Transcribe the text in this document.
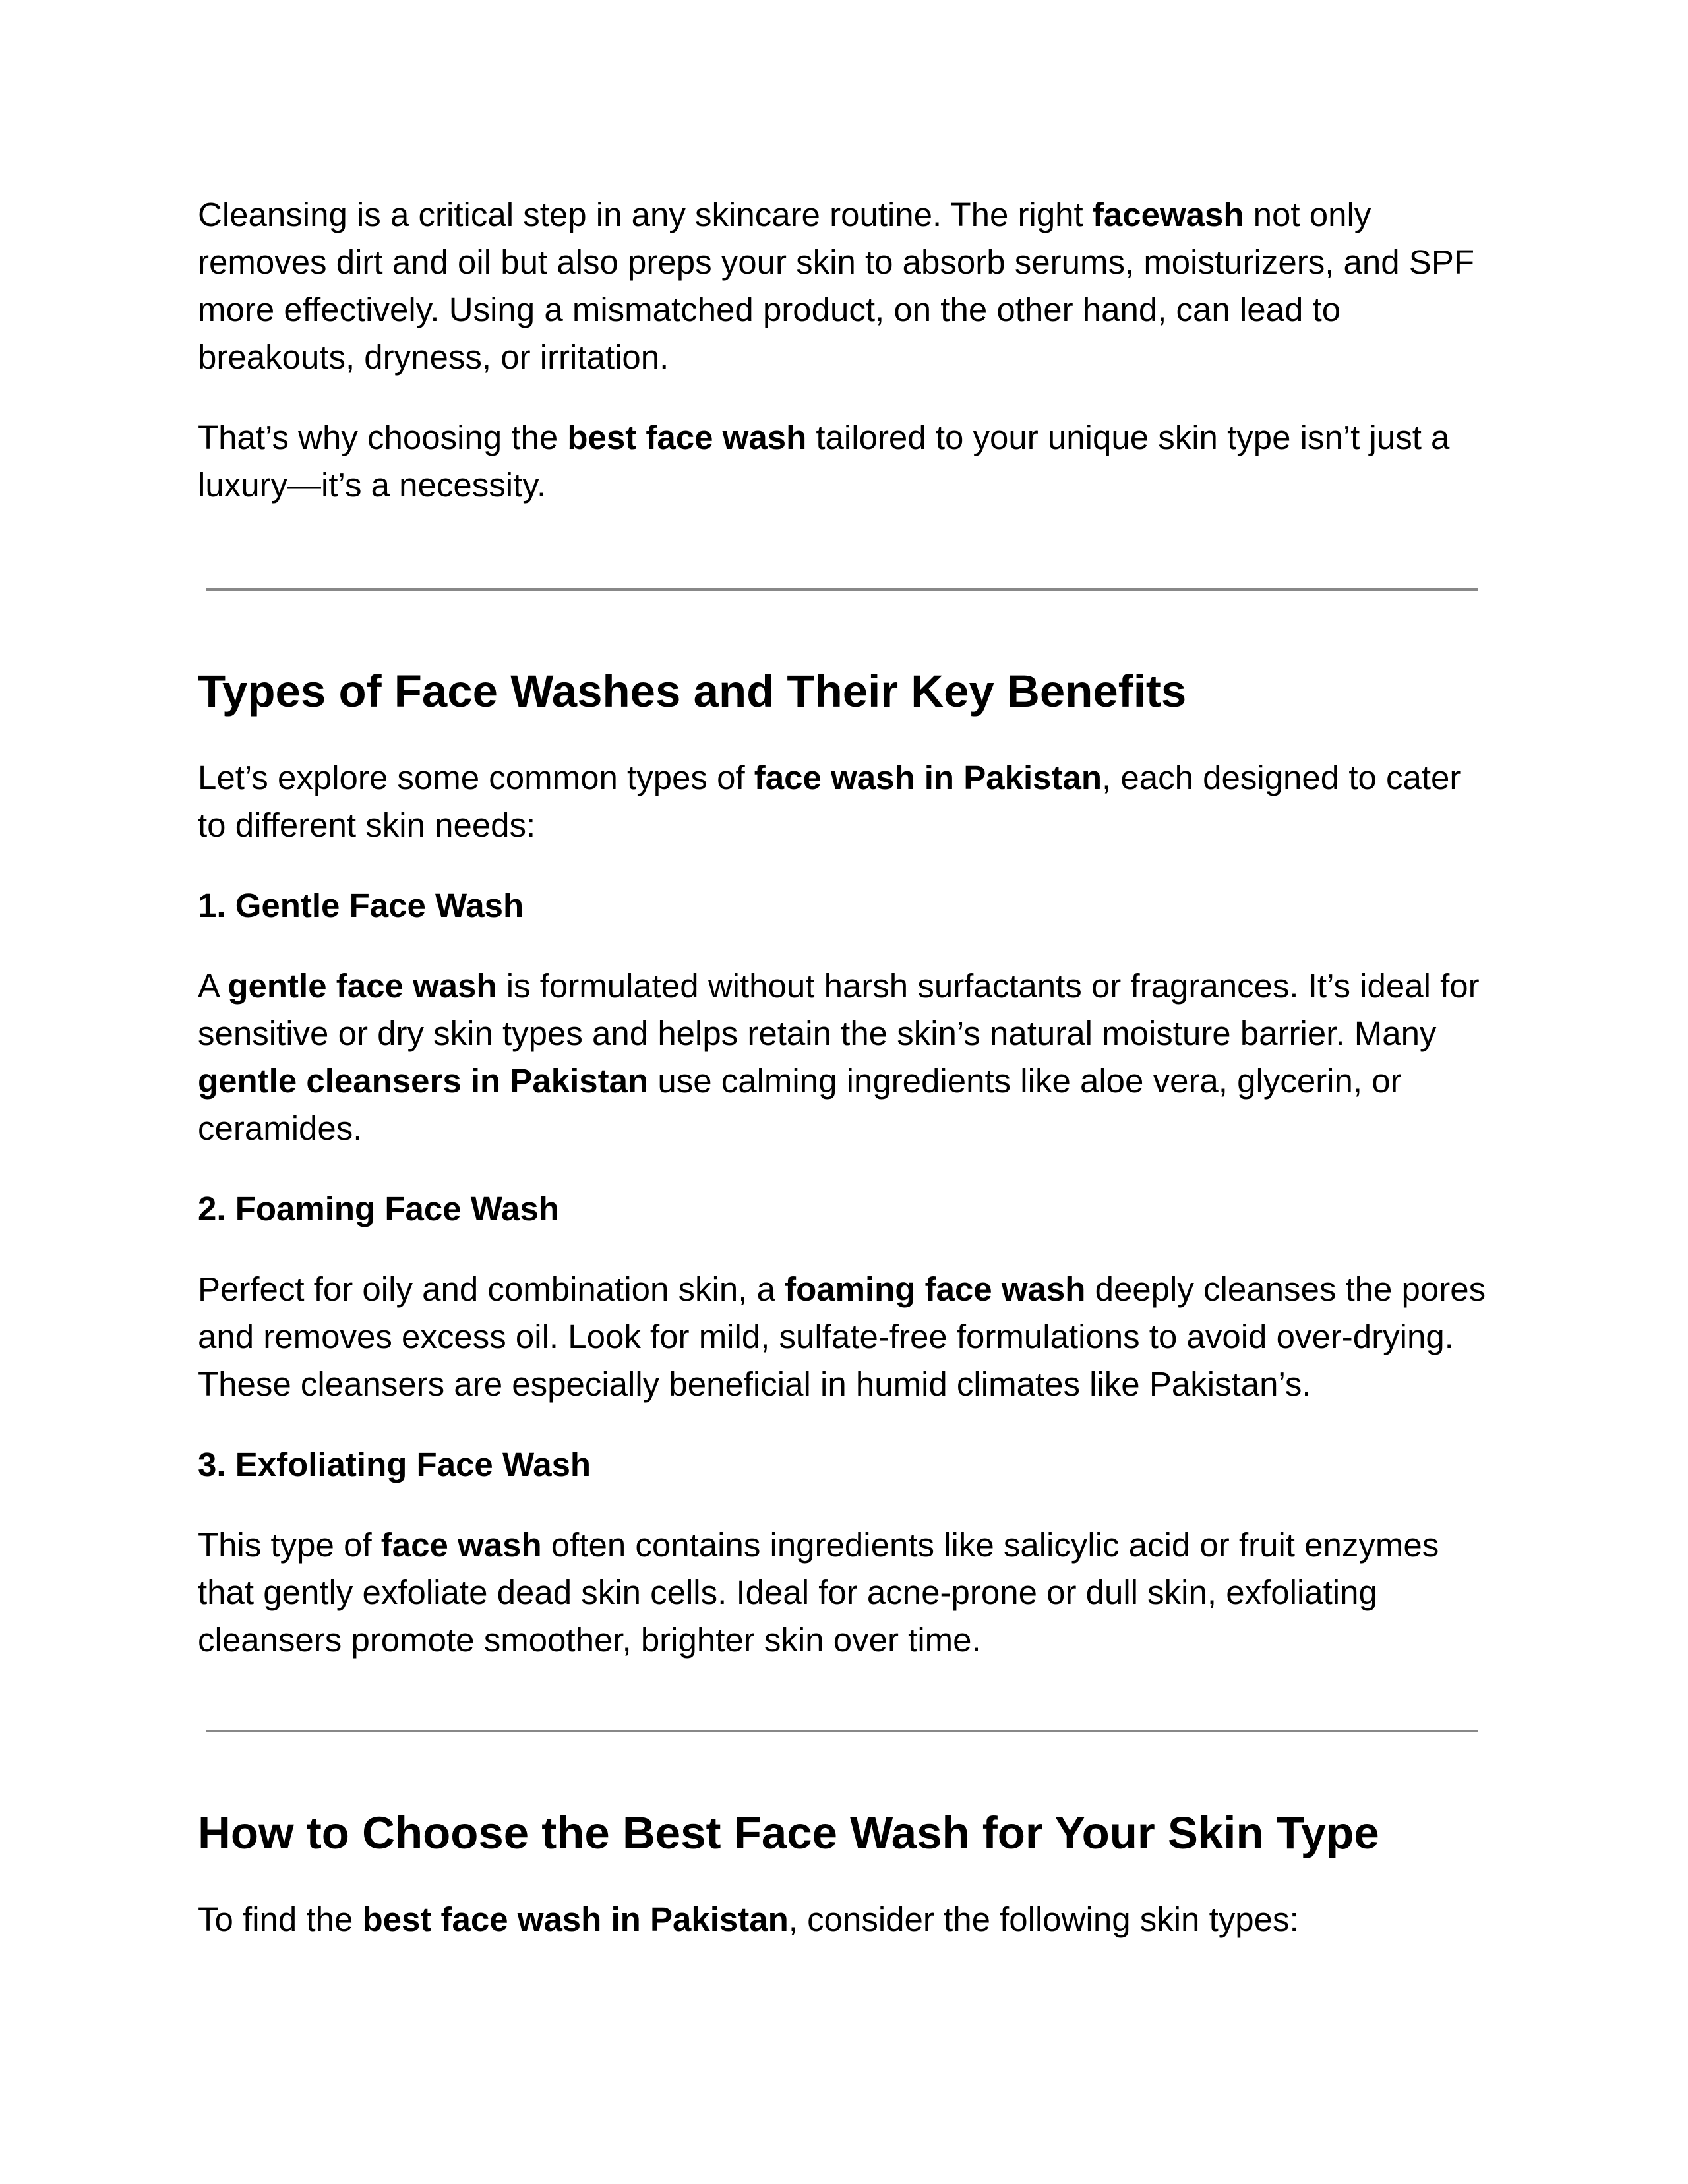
Cleansing is a critical step in any skincare routine. The right facewash not only removes dirt and oil but also preps your skin to absorb serums, moisturizers, and SPF more effectively. Using a mismatched product, on the other hand, can lead to breakouts, dryness, or irritation.

That’s why choosing the best face wash tailored to your unique skin type isn’t just a luxury—it’s a necessity.

Types of Face Washes and Their Key Benefits

Let’s explore some common types of face wash in Pakistan, each designed to cater to different skin needs:

1. Gentle Face Wash

A gentle face wash is formulated without harsh surfactants or fragrances. It’s ideal for sensitive or dry skin types and helps retain the skin’s natural moisture barrier. Many gentle cleansers in Pakistan use calming ingredients like aloe vera, glycerin, or ceramides.

2. Foaming Face Wash

Perfect for oily and combination skin, a foaming face wash deeply cleanses the pores and removes excess oil. Look for mild, sulfate-free formulations to avoid over-drying. These cleansers are especially beneficial in humid climates like Pakistan’s.

3. Exfoliating Face Wash

This type of face wash often contains ingredients like salicylic acid or fruit enzymes that gently exfoliate dead skin cells. Ideal for acne-prone or dull skin, exfoliating cleansers promote smoother, brighter skin over time.

How to Choose the Best Face Wash for Your Skin Type

To find the best face wash in Pakistan, consider the following skin types:
